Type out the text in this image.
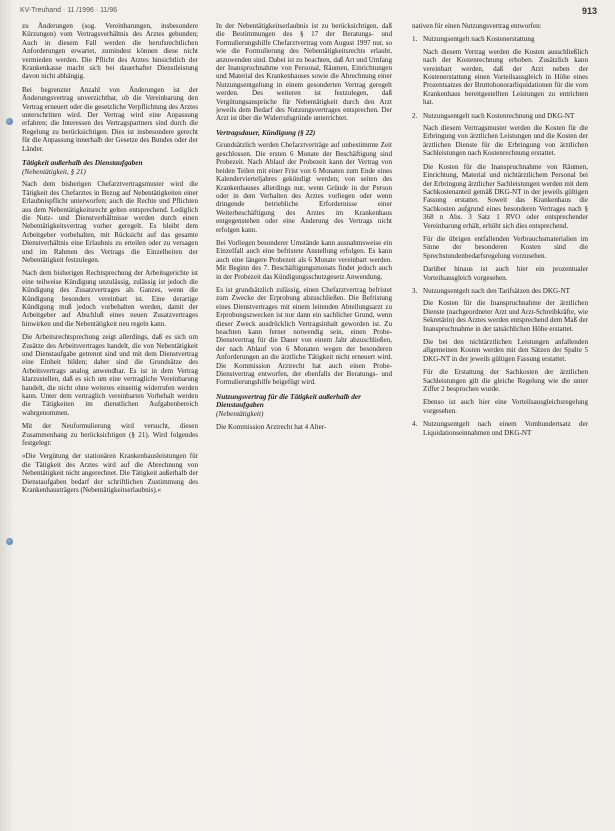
KV-Treuhand · 11 /1996 · 11/96	913

zu Änderungen (sog. Vereinbarungen, insbesondere Kürzungen) vom Vertragsverhältnis des Arztes gebunden; Auch in diesem Fall werden die berufsrechtlichen Anforderungen erwartet, zumindest können diese nicht vermieden werden. Die Pflicht des Arztes hinsichtlich der Krankenkasse macht sich bei dauerhafter Dienstleistung davon nicht abhängig.

Bei begrenzter Anzahl von Änderungen ist der Änderungsvertrag unverzichtbar, ob die Vereinbarung den Vertrag erneuert oder die gesetzliche Verpflichtung des Arztes unterschritten wird. Der Vertrag wird eine Anpassung erfahren; die Interessen des Vertragspartners sind durch die Regelung zu berücksichtigen. Dies ist insbesondere gerecht für die Anpassung innerhalb der Gesetze des Bundes oder der Länder.

Tätigkeit außerhalb des Dienstaufgaben
(Nebentätigkeit, § 21)

Nach dem bisherigen Chefarztvertragsmuster wird die Tätigkeit des Chefarztes in Bezug auf Nebentätigkeiten einer Erlaubnispflicht unterworfen; auch die Rechte und Pflichten aus dem Nebentätigkeitsrecht gelten entsprechend. Lediglich die Nutz- und Dienstverhältnisse werden durch einen Nebentätigkeitsvertrag vorher geregelt. Es bleibt dem Arbeitgeber vorbehalten, mit Rücksicht auf das gesamte Dienstverhältnis eine Erlaubnis zu erteilen oder zu versagen und im Rahmen des Vertrags die Einzelheiten der Nebentätigkeit festzulegen.

Nach dem bisherigen Rechtsprechung der Arbeitsgerichte ist eine teilweise Kündigung unzulässig, zulässig ist jedoch die Kündigung des Zusatzvertrages als Ganzes, wenn die Kündigung besonders vereinbart ist. Eine derartige Kündigung muß jedoch vorbehalten werden, damit der Arbeitgeber auf Abschluß eines neuen Zusatzvertrages hinwirken und die Nebentätigkeit neu regeln kann.

Die Arbeitsrechtsprechung zeigt allerdings, daß es sich um Zusätze des Arbeitsvertrages handelt, die von Nebentätigkeit und Dienstaufgabe getrennt sind und mit dem Dienstvertrag eine Einheit bilden; daher sind die Grundsätze des Arbeitsvertrags analog anwendbar. Es ist in dem Vertrag klarzustellen, daß es sich um eine vertragliche Vereinbarung handelt, die nicht ohne weiteres einseitig widerrufen werden kann. Unter dem vertraglich vereinbarten Vorbehalt werden die Tätigkeiten im dienstlichen Aufgabenbereich wahrgenommen.

Mit der Neuformulierung wird versucht, diesen Zusammenhang zu berücksichtigen (§ 21). Wird folgendes festgelegt:

»Die Vergütung der stationären Krankenhausleistungen für die Tätigkeit des Arztes wird auf die Abrechnung von Nebentätigkeit nicht angerechnet. Die Tätigkeit außerhalb der Dienstaufgaben bedarf der schriftlichen Zustimmung des Krankenhausträgers (Nebentätigkeitserlaubnis).«

In der Nebentätigkeitserlaubnis ist zu berücksichtigen, daß die Bestimmungen des § 17 der Beratungs- und Formulierungshilfe Chefarztvertrag vom August 1997 nur, so wie die Formulierung des Nebentätigkeitsrechts erlaubt, anzuwenden sind. Dabei ist zu beachten, daß Art und Umfang der Inanspruchnahme von Personal, Räumen, Einrichtungen und Material des Krankenhauses sowie die Abrechnung einer Nutzungsentgeltung in einem gesonderten Vertrag geregelt werden. Des weiteren ist festzulegen, daß Vergütungsansprüche für Nebentätigkeit durch den Arzt jeweils dem Bedarf des Nutzungsvertrages entsprechen. Der Arzt ist über die Widerrufsgründe unterrichtet.

Vertragsdauer, Kündigung (§ 22)

Grundsätzlich werden Chefarztverträge auf unbestimmte Zeit geschlossen. Die ersten 6 Monate der Beschäftigung sind Probezeit. Nach Ablauf der Probezeit kann der Vertrag von beiden Teilen mit einer Frist von 6 Monaten zum Ende eines Kalendervierteljahres gekündigt werden; von seiten des Krankenhauses allerdings nur, wenn Gründe in der Person oder in dem Verhalten des Arztes vorliegen oder wenn dringende betriebliche Erfordernisse einer Weiterbeschäftigung des Arztes im Krankenhaus entgegenstehen oder eine Änderung des Vertrags nicht erfolgen kann.

Bei Vorliegen besonderer Umstände kann ausnahmsweise ein Einzelfall auch eine befristete Anstellung erfolgen. Es kann auch eine längere Probezeit als 6 Monate vereinbart werden. Mit Beginn des 7. Beschäftigungsmonats findet jedoch auch in der Probezeit das Kündigungsschutzgesetz Anwendung.

Es ist grundsätzlich zulässig, einen Chefarztvertrag befristet zum Zwecke der Erprobung abzuschließen. Die Befristung eines Dienstvertrages mit einem leitenden Abteilungsarzt zu Erprobungszwecken ist nur dann ein sachlicher Grund, wenn dieser Zweck ausdrücklich Vertragsinhalt geworden ist. Zu beachten kann ferner notwendig sein, einen Probe-Dienstvertrag für die Dauer von einem Jahr abzuschließen, der nach Ablauf von 6 Monaten wegen der besonderen Anforderungen an die ärztliche Tätigkeit nicht erneuert wird. Die Kommission Arztrecht hat auch einen Probe-Dienstvertrag entworfen, der ebenfalls der Beratungs- und Formulierungshilfe beigefügt wird.

Nutzungsvertrag für die Tätigkeit außerhalb der Dienstaufgaben
(Nebentätigkeit)

Die Kommission Arztrecht hat 4 Alter-

nativen für einen Nutzungsvertrag entworfen:

1. Nutzungsentgelt nach Kostenerstattung

Nach diesem Vertrag werden die Kosten ausschließlich nach der Kostenrechnung erhoben. Zusätzlich kann vereinbart werden, daß der Arzt neben der Kostenerstattung einen Vorteilsausgleich in Höhe eines Prozentsatzes der Bruttohonorarliquidationen für die vom Krankenhaus bereitgestellten Leistungen zu entrichten hat.

2. Nutzungsentgelt nach Kostenrechnung und DKG-NT

Nach diesem Vertragsmuster werden die Kosten für die Erbringung von ärztlichen Leistungen und die Kosten der ärztlichen Dienste für die Erbringung von ärztlichen Sachleistungen nach Kostenrechnung erstattet.

Die Kosten für die Inanspruchnahme von Räumen, Einrichtung, Material und nichtärztlichem Personal bei der Erbringung ärztlicher Sachleistungen werden mit dem Sachkostenanteil gemäß DKG-NT in der jeweils gültigen Fassung erstattet. Soweit das Krankenhaus die Sachkosten aufgrund eines besonderen Vertrages nach § 368 n Abs. 3 Satz 1 RVO oder entsprechender Vereinbarung erhält, erhöht sich dies entsprechend.

Für die übrigen entfallenden Verbrauchsmaterialien im Sinne der besonderen Kosten sind die Sprechstundenbedarfsregelung vorzusehen.

Darüber hinaus ist auch hier ein prozentualer Vorteilsausgleich vorgesehen.

3. Nutzungsentgelt nach den Tarifsätzen des DKG-NT

Die Kosten für die Inanspruchnahme der ärztlichen Dienste (nachgeordneter Arzt und Arzt-Schreibkräfte, wie Sekretärin) des Arztes werden entsprechend dem Maß der Inanspruchnahme in der tatsächlichen Höhe erstattet.

Die bei den nichtärztlichen Leistungen anfallenden allgemeinen Kosten werden mit den Sätzen der Spalte 5 DKG-NT in der jeweils gültigen Fassung erstattet.

Für die Erstattung der Sachkosten der ärztlichen Sachleistungen gilt die gleiche Regelung wie die unter Ziffer 2 besprochen wurde.

Ebenso ist auch hier eine Vorteilsausgleichsregelung vorgesehen.

4. Nutzungsentgelt nach einem Vomhundertsatz der Liquidationseinnahmen und DKG-NT
